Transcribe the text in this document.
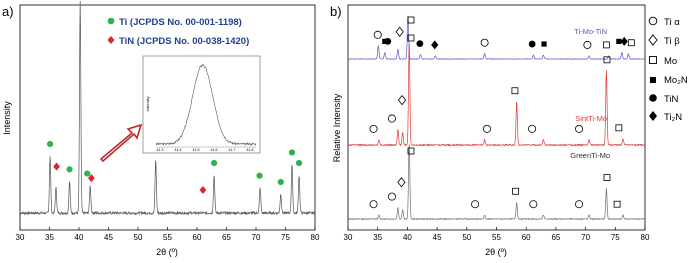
a)
Intensity
2θ (º)
30	35	40	45	50	55	60	65	70	75	80
Ti (JCPDS No. 00-001-1198)
TiN (JCPDS No. 00-038-1420)
Intensity
41.3	41.4	41.5	41.6	41.7	41.8
b)
Relative Intensity
2θ (º)
30	35	40	45	50	55	60	65	70	75	80
Ti-Mo-TiN
SintTi-Mo
GreenTi-Mo
Ti α
Ti β
Mo
Mo₂N
TiN
Ti₂N
